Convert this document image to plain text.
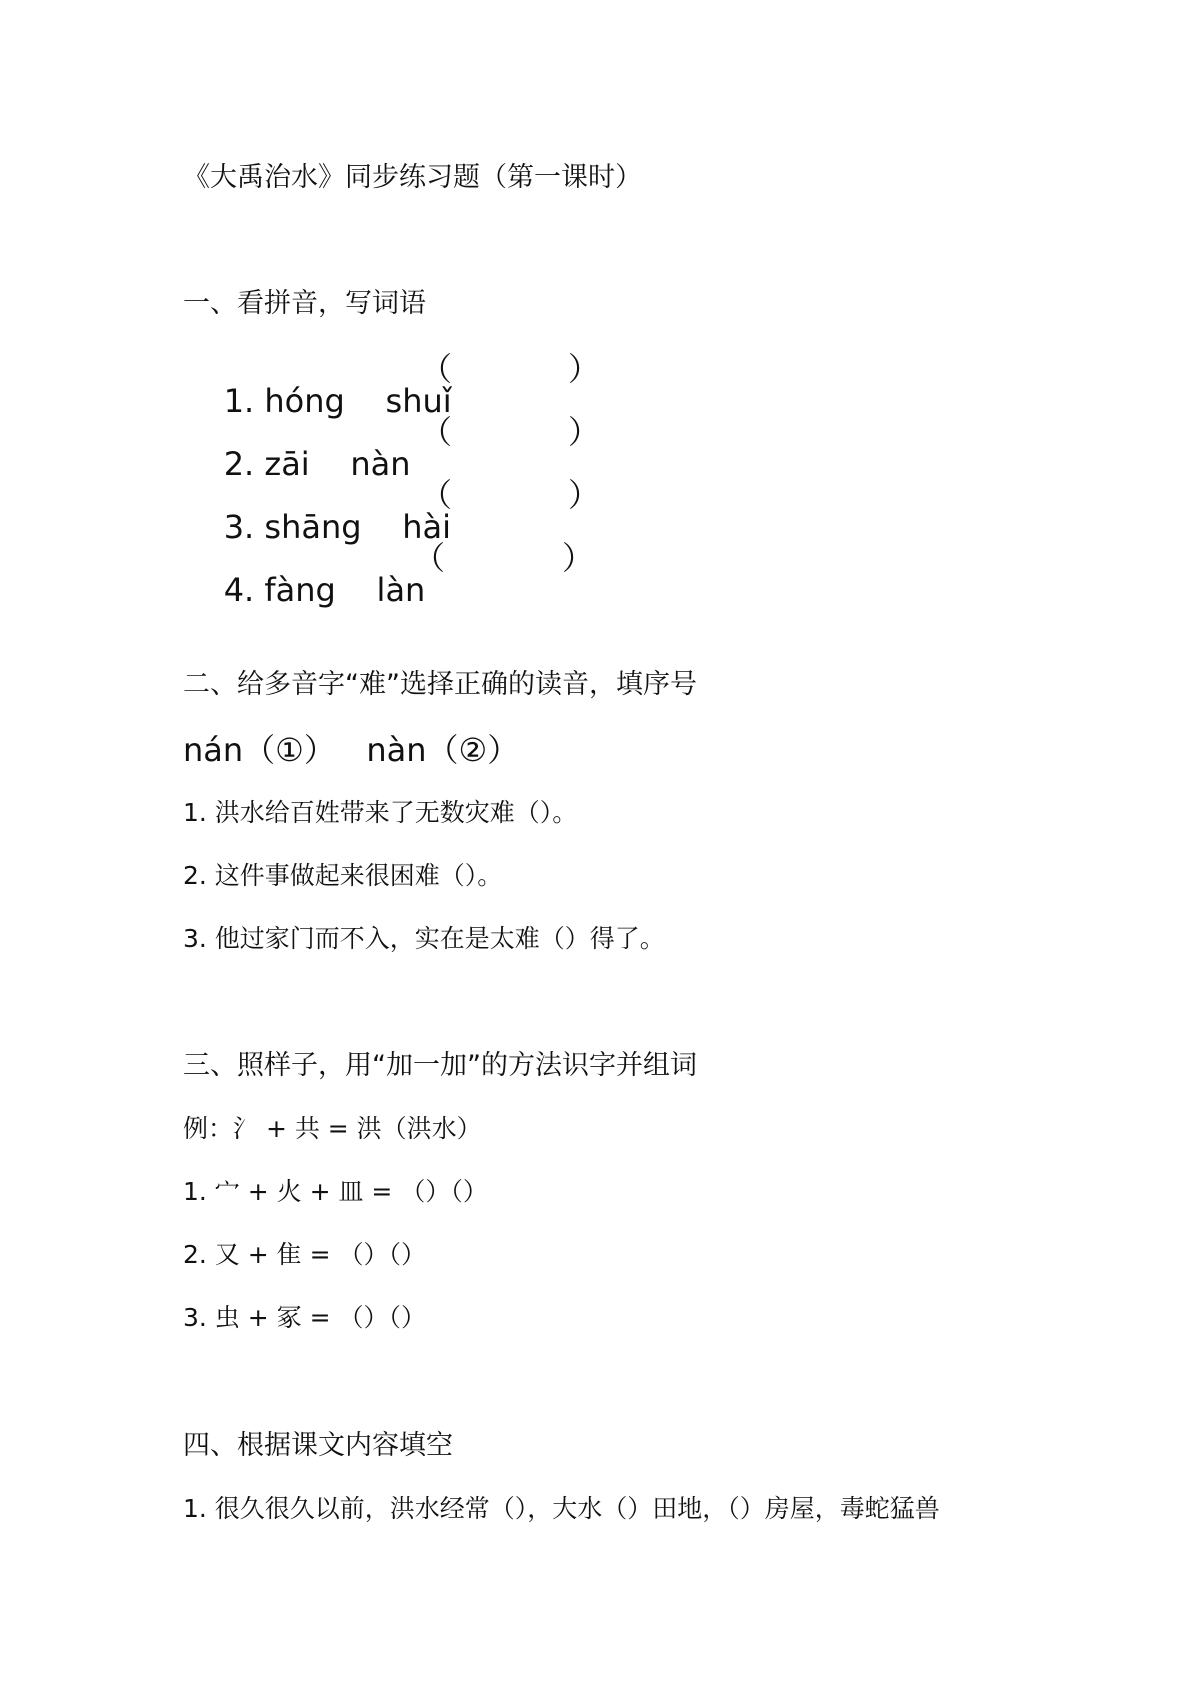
《大禹治水》同步练习题（第一课时）
一、看拼音，写词语

1. hóng    shuǐ

（	）

2. zāi    nàn

（	）

3. shāng    hài

（	）

4. fàng    làn

（	）
二、给多音字“难”选择正确的读音，填序号
nán（①）   nàn（②）
1. 洪水给百姓带来了无数灾难（）。
2. 这件事做起来很困难（）。
3. 他过家门而不入，实在是太难（）得了。
三、照样子，用“加一加”的方法识字并组词
例：氵 + 共 = 洪（洪水）
1. 宀 + 火 + 皿 = （）（）
2. 又 + 隹 = （）（）
3. 虫 + 冢 = （）（）
四、根据课文内容填空
1. 很久很久以前，洪水经常（），大水（）田地，（）房屋，毒蛇猛兽
